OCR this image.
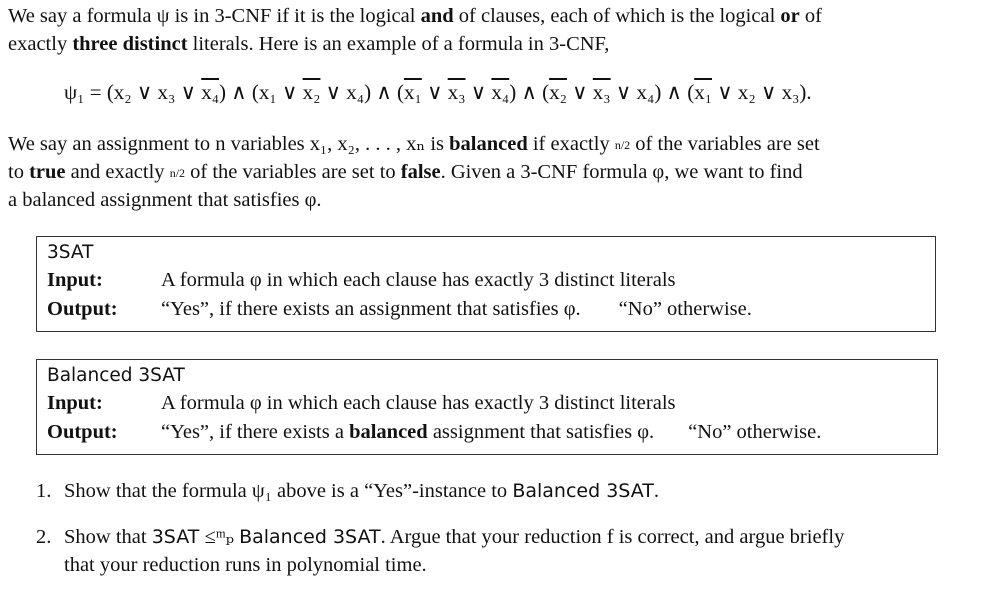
We say a formula ψ is in 3-CNF if it is the logical and of clauses, each of which is the logical or of
exactly three distinct literals. Here is an example of a formula in 3-CNF,
ψ₁ = (x₂ ∨ x₃ ∨ x₄) ∧ (x₁ ∨ x₂ ∨ x₄) ∧ (x₁ ∨ x₃ ∨ x₄) ∧ (x₂ ∨ x₃ ∨ x₄) ∧ (x₁ ∨ x₂ ∨ x₃).
We say an assignment to n variables x₁, x₂, . . . , xₙ is balanced if exactly n/2 of the variables are set
to true and exactly n/2 of the variables are set to false. Given a 3-CNF formula φ, we want to find
a balanced assignment that satisfies φ.
3SAT
Input:	A formula φ in which each clause has exactly 3 distinct literals
Output:	“Yes”, if there exists an assignment that satisfies φ. “No” otherwise.
Balanced 3SAT
Input:	A formula φ in which each clause has exactly 3 distinct literals
Output:	“Yes”, if there exists a balanced assignment that satisfies φ. “No” otherwise.
1. Show that the formula ψ₁ above is a “Yes”-instance to Balanced 3SAT.
2. Show that 3SAT ≤ᵐₚ Balanced 3SAT. Argue that your reduction f is correct, and argue briefly
that your reduction runs in polynomial time.
